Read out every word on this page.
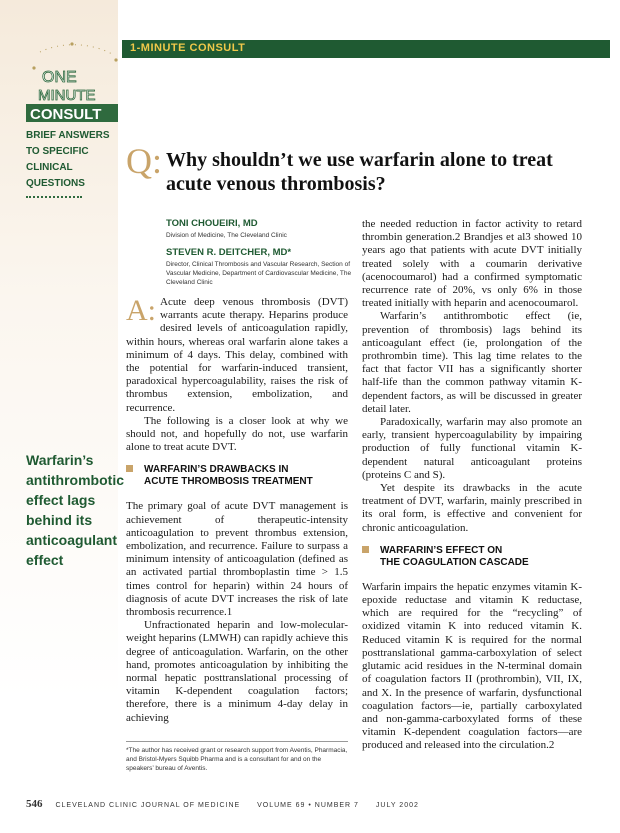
1-MINUTE CONSULT
ONE
MINUTE
CONSULT
BRIEF ANSWERS
TO SPECIFIC
CLINICAL
QUESTIONS
Warfarin’s
antithrombotic
effect lags
behind its
anticoagulant
effect
Q: Why shouldn’t we use warfarin alone to treat acute venous thrombosis?
TONI CHOUEIRI, MD
Division of Medicine, The Cleveland Clinic
STEVEN R. DEITCHER, MD*
Director, Clinical Thrombosis and Vascular Research, Section of Vascular Medicine, Department of Cardiovascular Medicine, The Cleveland Clinic

A: Acute deep venous thrombosis (DVT) warrants acute therapy. Heparins produce desired levels of anticoagulation rapidly, within hours, whereas oral warfarin alone takes a minimum of 4 days. This delay, combined with the potential for warfarin-induced transient, paradoxical hypercoagulability, raises the risk of thrombus extension, embolization, and recurrence.

The following is a closer look at why we should not, and hopefully do not, use warfarin alone to treat acute DVT.

WARFARIN’S DRAWBACKS IN
ACUTE THROMBOSIS TREATMENT

The primary goal of acute DVT management is achievement of therapeutic-intensity anticoagulation to prevent thrombus extension, embolization, and recurrence. Failure to surpass a minimum intensity of anticoagulation (defined as an activated partial thromboplastin time > 1.5 times control for heparin) within 24 hours of diagnosis of acute DVT increases the risk of late thrombosis recurrence.1

Unfractionated heparin and low-molecular-weight heparins (LMWH) can rapidly achieve this degree of anticoagulation. Warfarin, on the other hand, promotes anticoagulation by inhibiting the normal hepatic posttranslational processing of vitamin K-dependent coagulation factors; therefore, there is a minimum 4-day delay in achieving

the needed reduction in factor activity to retard thrombin generation.2 Brandjes et al3 showed 10 years ago that patients with acute DVT initially treated solely with a coumarin derivative (acenocoumarol) had a confirmed symptomatic recurrence rate of 20%, vs only 6% in those treated initially with heparin and acenocoumarol.

Warfarin’s antithrombotic effect (ie, prevention of thrombosis) lags behind its anticoagulant effect (ie, prolongation of the prothrombin time). This lag time relates to the fact that factor VII has a significantly shorter half-life than the common pathway vitamin K-dependent factors, as will be discussed in greater detail later.

Paradoxically, warfarin may also promote an early, transient hypercoagulability by impairing production of fully functional vitamin K-dependent natural anticoagulant proteins (proteins C and S).

Yet despite its drawbacks in the acute treatment of DVT, warfarin, mainly prescribed in its oral form, is effective and convenient for chronic anticoagulation.

WARFARIN’S EFFECT ON
THE COAGULATION CASCADE

Warfarin impairs the hepatic enzymes vitamin K-epoxide reductase and vitamin K reductase, which are required for the “recycling” of oxidized vitamin K into reduced vitamin K. Reduced vitamin K is required for the normal posttranslational gamma-carboxylation of select glutamic acid residues in the N-terminal domain of coagulation factors II (prothrombin), VII, IX, and X. In the presence of warfarin, dysfunctional coagulation factors—ie, partially carboxylated and non-gamma-carboxylated forms of these vitamin K-dependent coagulation factors—are produced and released into the circulation.2

*The author has received grant or research support from Aventis, Pharmacia, and Bristol-Myers Squibb Pharma and is a consultant for and on the speakers’ bureau of Aventis.
546 CLEVELAND CLINIC JOURNAL OF MEDICINE VOLUME 69 • NUMBER 7 JULY 2002
